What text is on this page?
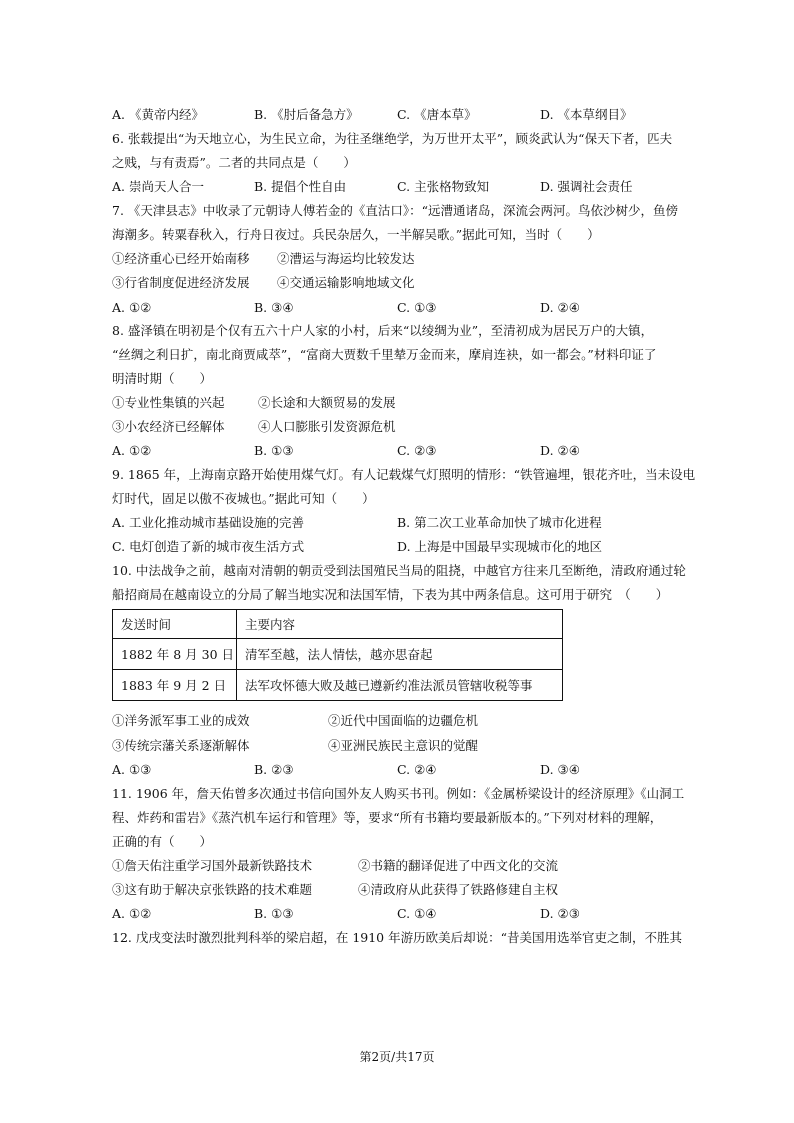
A. 《黄帝内经》	B. 《肘后备急方》	C. 《唐本草》	D. 《本草纲目》
6. 张载提出“为天地立心，为生民立命，为往圣继绝学，为万世开太平”，顾炎武认为“保天下者，匹夫
之贱，与有责焉”。二者的共同点是（　　）
A. 崇尚天人合一	B. 提倡个性自由	C. 主张格物致知	D. 强调社会责任
7. 《天津县志》中收录了元朝诗人傅若金的《直沽口》：“远漕通诸岛，深流会两河。鸟依沙树少，鱼傍
海潮多。转粟春秋入，行舟日夜过。兵民杂居久，一半解吴歌。”据此可知，当时（　　）
①经济重心已经开始南移 ②漕运与海运均比较发达
③行省制度促进经济发展 ④交通运输影响地域文化
A. ①②	B. ③④	C. ①③	D. ②④
8. 盛泽镇在明初是个仅有五六十户人家的小村，后来“以绫绸为业”，至清初成为居民万户的大镇，
“丝绸之利日扩，南北商贾咸萃”，“富商大贾数千里辇万金而来，摩肩连袂，如一都会。”材料印证了
明清时期（　　）
①专业性集镇的兴起	②长途和大额贸易的发展
③小农经济已经解体	④人口膨胀引发资源危机
A. ①②	B. ①③	C. ②③	D. ②④
9. 1865 年，上海南京路开始使用煤气灯。有人记载煤气灯照明的情形：“铁管遍埋，银花齐吐，当未设电
灯时代，固足以傲不夜城也。”据此可知（　　）
A. 工业化推动城市基础设施的完善	B. 第二次工业革命加快了城市化进程
C. 电灯创造了新的城市夜生活方式	D. 上海是中国最早实现城市化的地区
10. 中法战争之前，越南对清朝的朝贡受到法国殖民当局的阻挠，中越官方往来几至断绝，清政府通过轮
船招商局在越南设立的分局了解当地实况和法国军情，下表为其中两条信息。这可用于研究　（　　）
发送时间	主要内容
1882 年 8 月 30 日	清军至越，法人情怯，越亦思奋起
1883 年 9 月 2 日	法军攻怀德大败及越已遵新约准法派员管辖收税等事
①洋务派军事工业的成效	②近代中国面临的边疆危机
③传统宗藩关系逐渐解体	④亚洲民族民主意识的觉醒
A. ①③	B. ②③	C. ②④	D. ③④
11. 1906 年，詹天佑曾多次通过书信向国外友人购买书刊。例如：《金属桥梁设计的经济原理》《山洞工
程、炸药和雷岩》《蒸汽机车运行和管理》等，要求“所有书籍均要最新版本的。”下列对材料的理解，
正确的有（　　）
①詹天佑注重学习国外最新铁路技术	②书籍的翻译促进了中西文化的交流
③这有助于解决京张铁路的技术难题	④清政府从此获得了铁路修建自主权
A. ①②	B. ①③	C. ①④	D. ②③
12. 戊戌变法时激烈批判科举的梁启超，在 1910 年游历欧美后却说：“昔美国用选举官吏之制，不胜其
第2页/共17页
